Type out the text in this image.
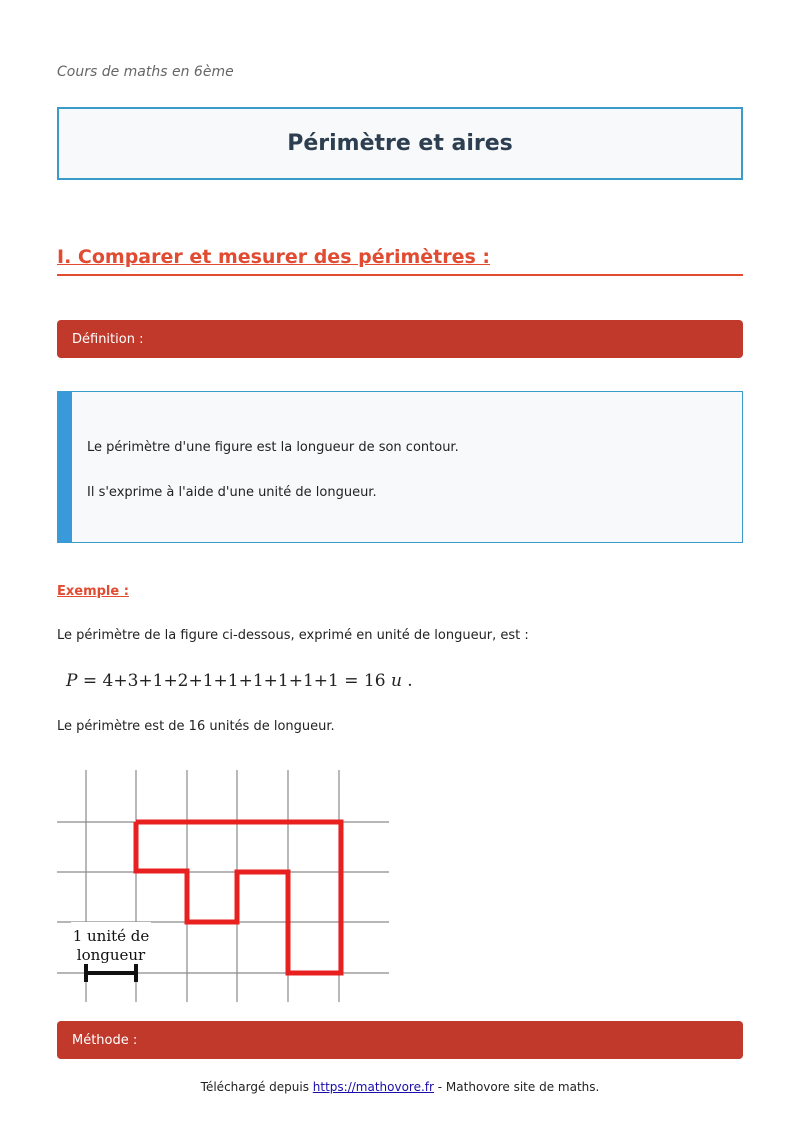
Cours de maths en 6ème
Périmètre et aires
I. Comparer et mesurer des périmètres :
Définition :

Le périmètre d'une figure est la longueur de son contour.

Il s'exprime à l'aide d'une unité de longueur.

Exemple :
Le périmètre de la figure ci-dessous, exprimé en unité de longueur, est :
P = 4+3+1+2+1+1+1+1+1+1 = 16 u .
Le périmètre est de 16 unités de longueur.
1 unité de
longueur
Méthode :
Téléchargé depuis https://mathovore.fr - Mathovore site de maths.
